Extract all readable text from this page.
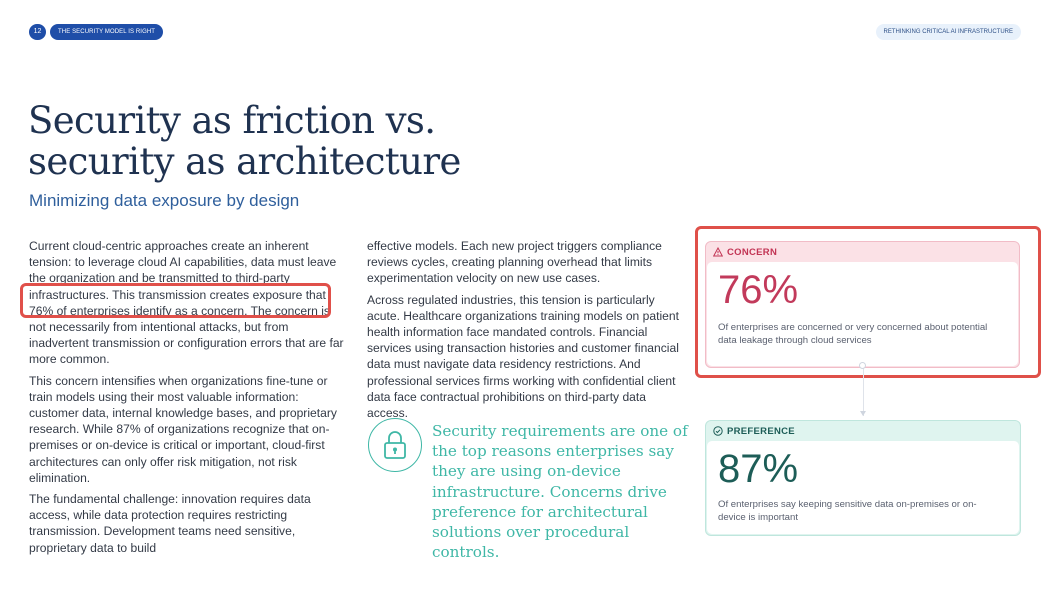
12	THE SECURITY MODEL IS RIGHT	RETHINKING CRITICAL AI INFRASTRUCTURE
Security as friction vs.
security as architecture
Minimizing data exposure by design

Current cloud-centric approaches create an inherent tension: to leverage cloud AI capabilities, data must leave the organization and be transmitted to third-party infrastructures. This transmission creates exposure that 76% of enterprises identify as a concern. The concern is not necessarily from intentional attacks, but from inadvertent transmission or configuration errors that are far more common.

This concern intensifies when organizations fine-tune or train models using their most valuable information: customer data, internal knowledge bases, and proprietary research. While 87% of organizations recognize that on-premises or on-device is critical or important, cloud-first architectures can only offer risk mitigation, not risk elimination.

The fundamental challenge: innovation requires data access, while data protection requires restricting transmission. Development teams need sensitive, proprietary data to build

effective models. Each new project triggers compliance reviews cycles, creating planning overhead that limits experimentation velocity on new use cases.

Across regulated industries, this tension is particularly acute. Healthcare organizations training models on patient health information face mandated controls. Financial services using transaction histories and customer financial data must navigate data residency restrictions. And professional services firms working with confidential client data face contractual prohibitions on third-party data access.

Security requirements are one of the top reasons enterprises say they are using on-device infrastructure. Concerns drive preference for architectural solutions over procedural controls.

CONCERN
76%
Of enterprises are concerned or very concerned about potential data leakage through cloud services
PREFERENCE
87%
Of enterprises say keeping sensitive data on-premises or on-device is important
